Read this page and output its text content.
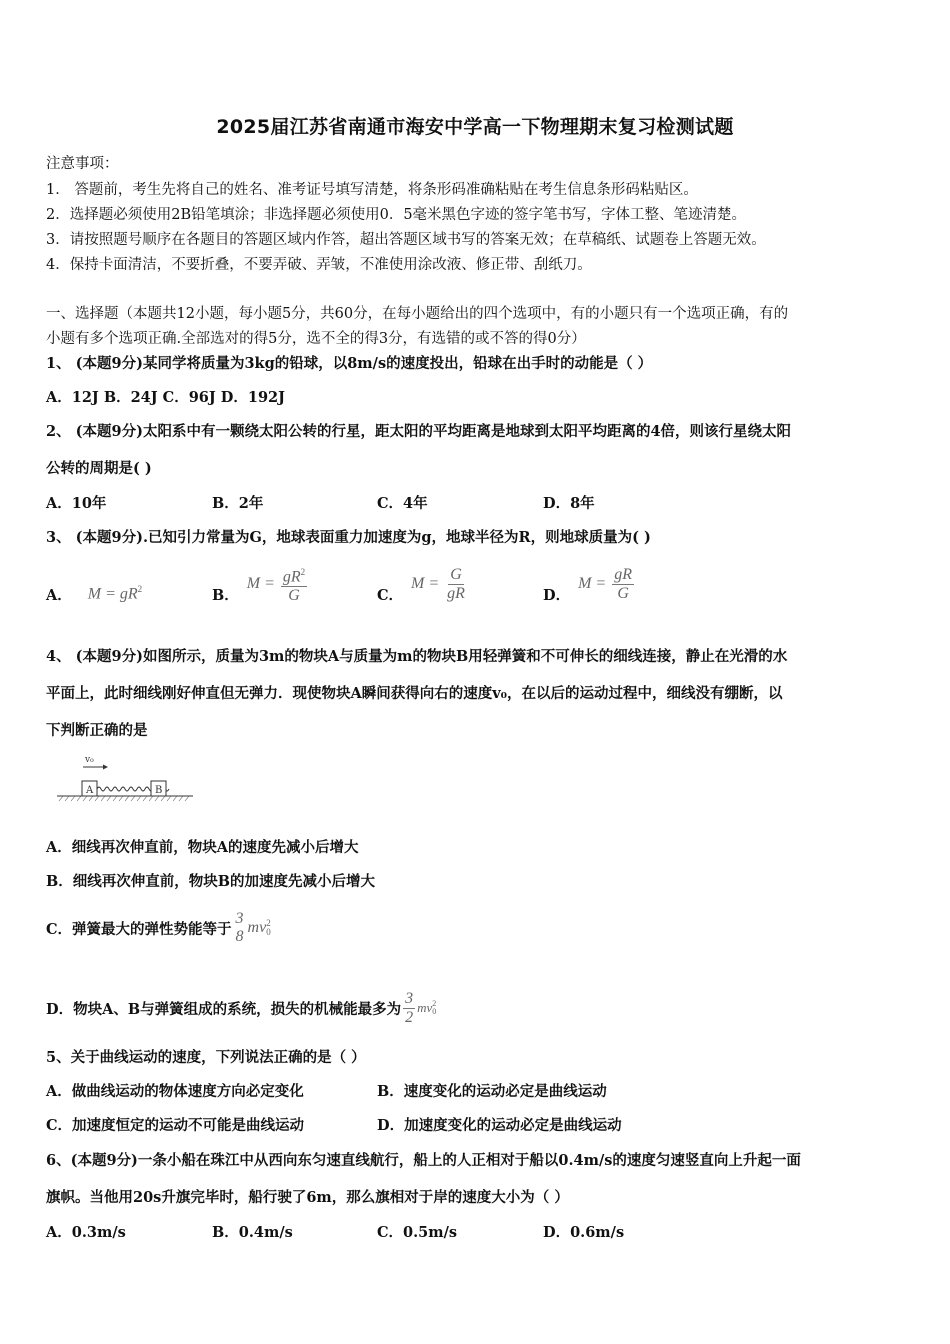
2025届江苏省南通市海安中学高一下物理期末复习检测试题
注意事项：
1． 答题前，考生先将自己的姓名、准考证号填写清楚，将条形码准确粘贴在考生信息条形码粘贴区。
2．选择题必须使用2B铅笔填涂；非选择题必须使用0．5毫米黑色字迹的签字笔书写，字体工整、笔迹清楚。
3．请按照题号顺序在各题目的答题区域内作答，超出答题区域书写的答案无效；在草稿纸、试题卷上答题无效。
4．保持卡面清洁，不要折叠，不要弄破、弄皱，不准使用涂改液、修正带、刮纸刀。
一、选择题（本题共12小题，每小题5分，共60分，在每小题给出的四个选项中，有的小题只有一个选项正确，有的
小题有多个选项正确.全部选对的得5分，选不全的得3分，有选错的或不答的得0分）
1、 (本题9分)某同学将质量为3kg的铅球，以8m/s的速度投出，铅球在出手时的动能是（ ）
A．12J B．24J C．96J D．192J
2、 (本题9分)太阳系中有一颗绕太阳公转的行星，距太阳的平均距离是地球到太阳平均距离的4倍，则该行星绕太阳
公转的周期是( )
A．10年	B．2年	C．4年	D．8年
3、 (本题9分).已知引力常量为G，地球表面重力加速度为g，地球半径为R，则地球质量为( )
A． $M = gR^2$	B．
$M = \frac{gR^2}{G}$	C．
$M = \frac{G}{gR}$	D．
$M = \frac{gR}{G}$
4、 (本题9分)如图所示，质量为3m的物块A与质量为m的物块B用轻弹簧和不可伸长的细线连接，静止在光滑的水
平面上，此时细线刚好伸直但无弹力．现使物块A瞬间获得向右的速度v₀，在以后的运动过程中，细线没有绷断，以
下判断正确的是
v₀
A	B
A．细线再次伸直前，物块A的速度先减小后增大
B．细线再次伸直前，物块B的加速度先减小后增大
C．弹簧最大的弹性势能等于
3
8
mv 2
0
D．物块A、B与弹簧组成的系统，损失的机械能最多为 $\frac{3}{2}$ mv 2
0
5、关于曲线运动的速度，下列说法正确的是（ ）
A．做曲线运动的物体速度方向必定变化	B．速度变化的运动必定是曲线运动
C．加速度恒定的运动不可能是曲线运动	D．加速度变化的运动必定是曲线运动
6、(本题9分)一条小船在珠江中从西向东匀速直线航行，船上的人正相对于船以0.4m/s的速度匀速竖直向上升起一面
旗帜。当他用20s升旗完毕时，船行驶了6m，那么旗相对于岸的速度大小为（ ）
A．0.3m/s	B．0.4m/s	C．0.5m/s	D．0.6m/s
